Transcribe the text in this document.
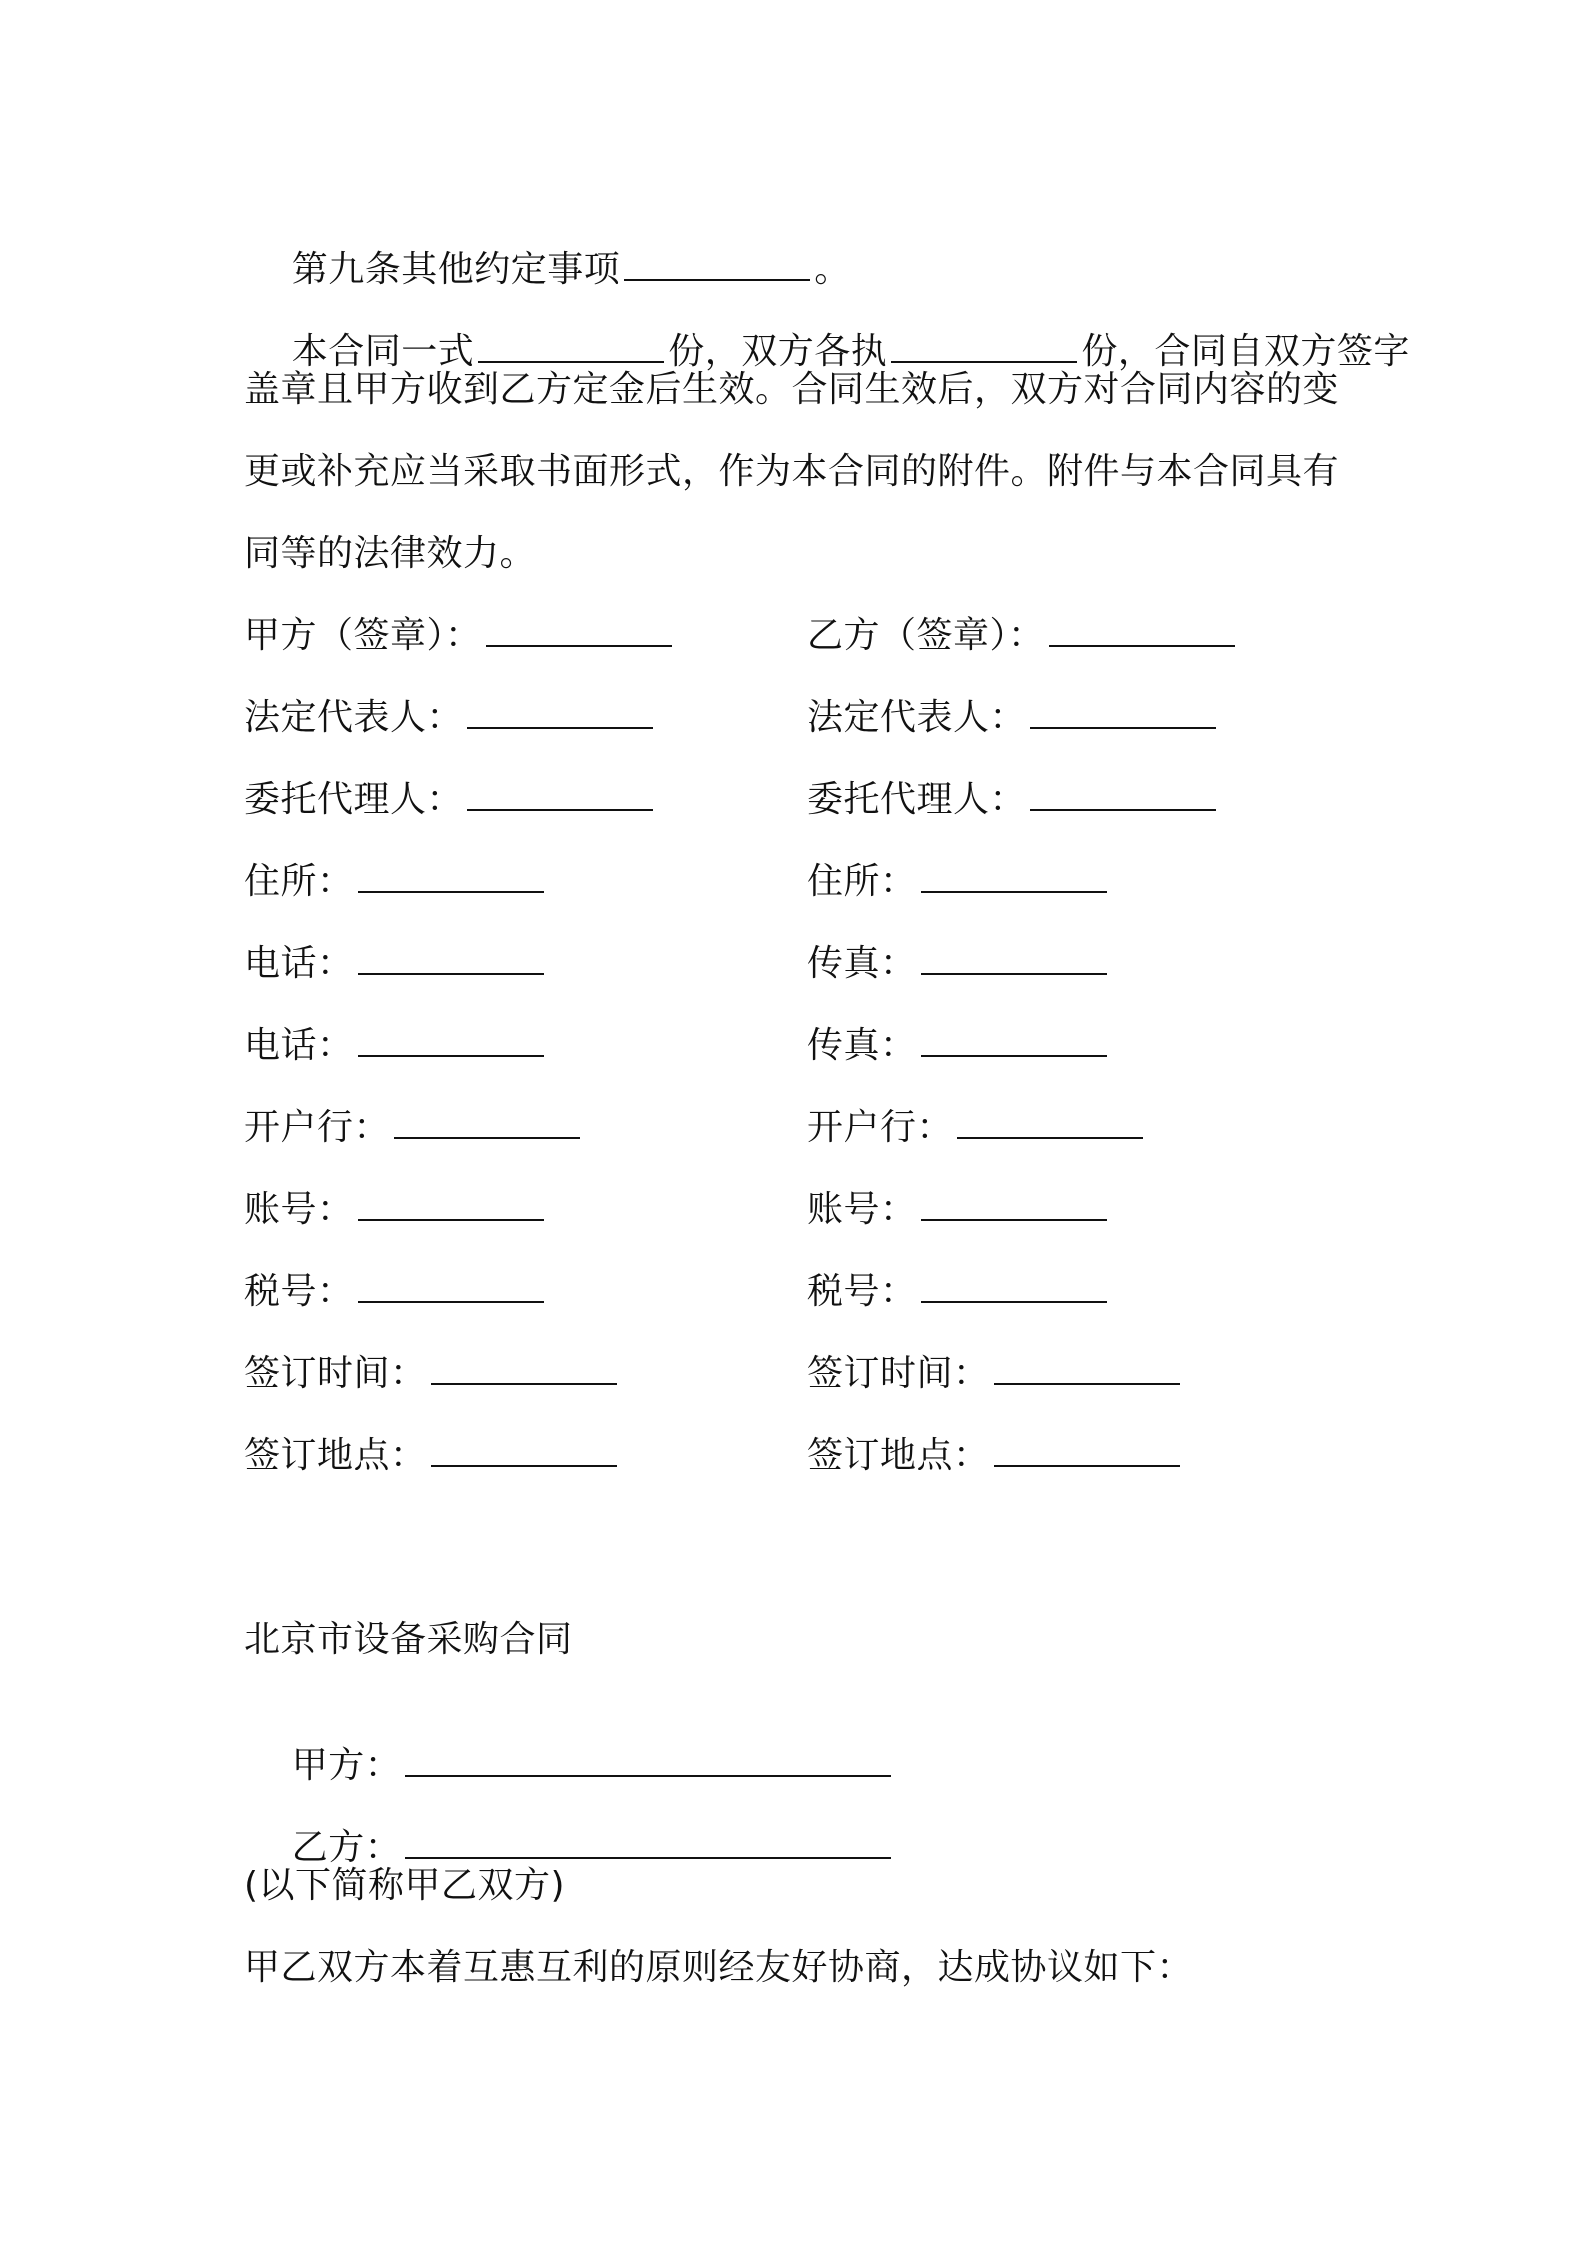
第九条其他约定事项	。

本合同一式	份，双方各执	份，合同自双方签字

盖章且甲方收到乙方定金后生效。合同生效后，双方对合同内容的变
更或补充应当采取书面形式，作为本合同的附件。附件与本合同具有
同等的法律效力。
甲方（签章）：	乙方（签章）：
法定代表人：	法定代表人：
委托代理人：	委托代理人：
住所：	住所：
电话：	传真：
电话：	传真：
开户行：	开户行：
账号：	账号：
税号：	税号：
签订时间：	签订时间：
签订地点：	签订地点：
北京市设备采购合同

甲方：

乙方：

(以下简称甲乙双方)
甲乙双方本着互惠互利的原则经友好协商，达成协议如下：
